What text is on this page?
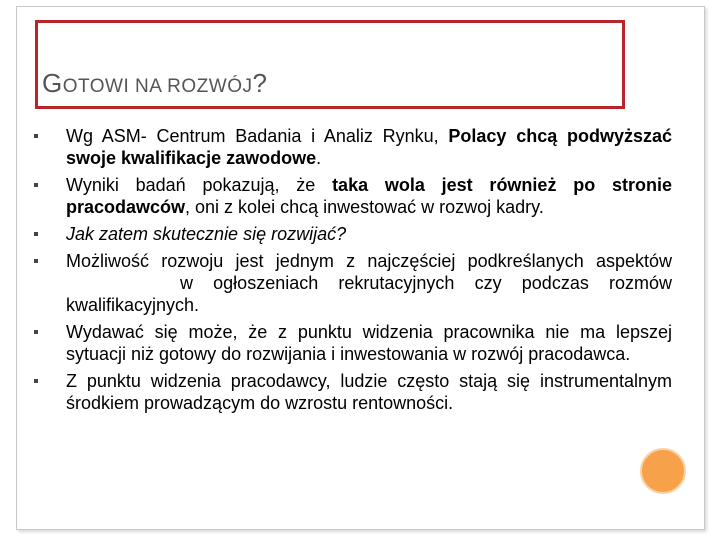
GOTOWI NA ROZWÓJ?

Wg ASM- Centrum Badania i Analiz Rynku, Polacy chcą podwyższać swoje kwalifikacje zawodowe.

Wyniki badań pokazują, że taka wola jest również po stronie pracodawców, oni z kolei chcą inwestować w rozwoj kadry.

Jak zatem skutecznie się rozwijać?

Możliwość rozwoju jest jednym z najczęściej podkreślanych aspektóww ogłoszeniach rekrutacyjnych czy podczas rozmów kwalifikacyjnych.

Wydawać się może, że z punktu widzenia pracownika nie ma lepszej sytuacji niż gotowy do rozwijania i inwestowania w rozwój pracodawca.

Z punktu widzenia pracodawcy, ludzie często stają się instrumentalnym środkiem prowadzącym do wzrostu rentowności.
